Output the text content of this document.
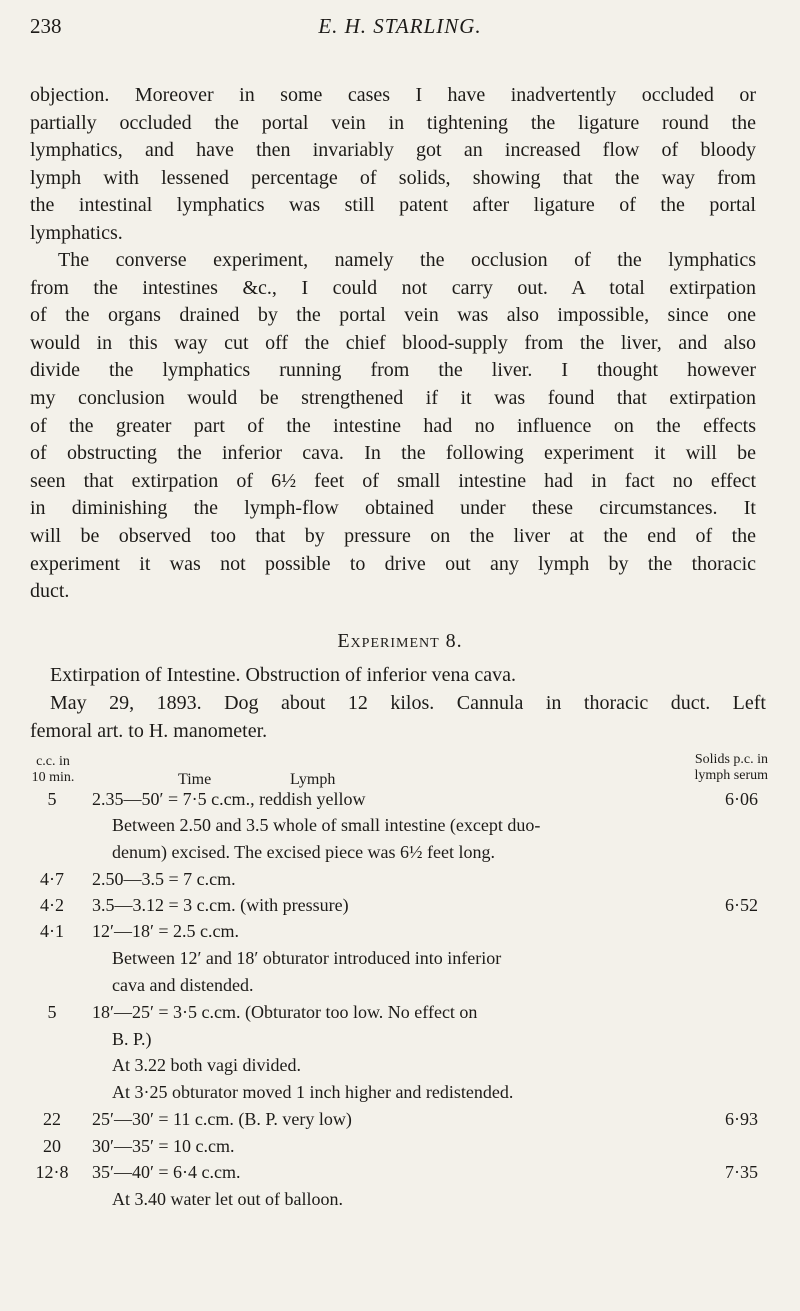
238	E. H. STARLING.
objection. Moreover in some cases I have inadvertently occluded or
partially occluded the portal vein in tightening the ligature round the
lymphatics, and have then invariably got an increased flow of bloody
lymph with lessened percentage of solids, showing that the way from
the intestinal lymphatics was still patent after ligature of the portal
lymphatics.
The converse experiment, namely the occlusion of the lymphatics
from the intestines &c., I could not carry out. A total extirpation
of the organs drained by the portal vein was also impossible, since one
would in this way cut off the chief blood-supply from the liver, and also
divide the lymphatics running from the liver. I thought however
my conclusion would be strengthened if it was found that extirpation
of the greater part of the intestine had no influence on the effects
of obstructing the inferior cava. In the following experiment it will be
seen that extirpation of 6½ feet of small intestine had in fact no effect
in diminishing the lymph-flow obtained under these circumstances. It
will be observed too that by pressure on the liver at the end of the
experiment it was not possible to drive out any lymph by the thoracic
duct.
Experiment 8.
Extirpation of Intestine. Obstruction of inferior vena cava.
May 29, 1893. Dog about 12 kilos. Cannula in thoracic duct. Left
femoral art. to H. manometer.
c.c. in
10 min.	Time	Lymph
Solids p.c. in
lymph serum
5	2.35—50′ = 7·5 c.cm., reddish yellow	6·06
Between 2.50 and 3.5 whole of small intestine (except duo-
denum) excised. The excised piece was 6½ feet long.
4·7	2.50—3.5 = 7 c.cm.
4·2	3.5—3.12 = 3 c.cm. (with pressure)	6·52
4·1	12′—18′ = 2.5 c.cm.
Between 12′ and 18′ obturator introduced into inferior
cava and distended.
5	18′—25′ = 3·5 c.cm. (Obturator too low. No effect on
B. P.)
At 3.22 both vagi divided.
At 3·25 obturator moved 1 inch higher and redistended.
22	25′—30′ = 11 c.cm. (B. P. very low)	6·93
20	30′—35′ = 10 c.cm.
12·8	35′—40′ = 6·4 c.cm.	7·35
At 3.40 water let out of balloon.
